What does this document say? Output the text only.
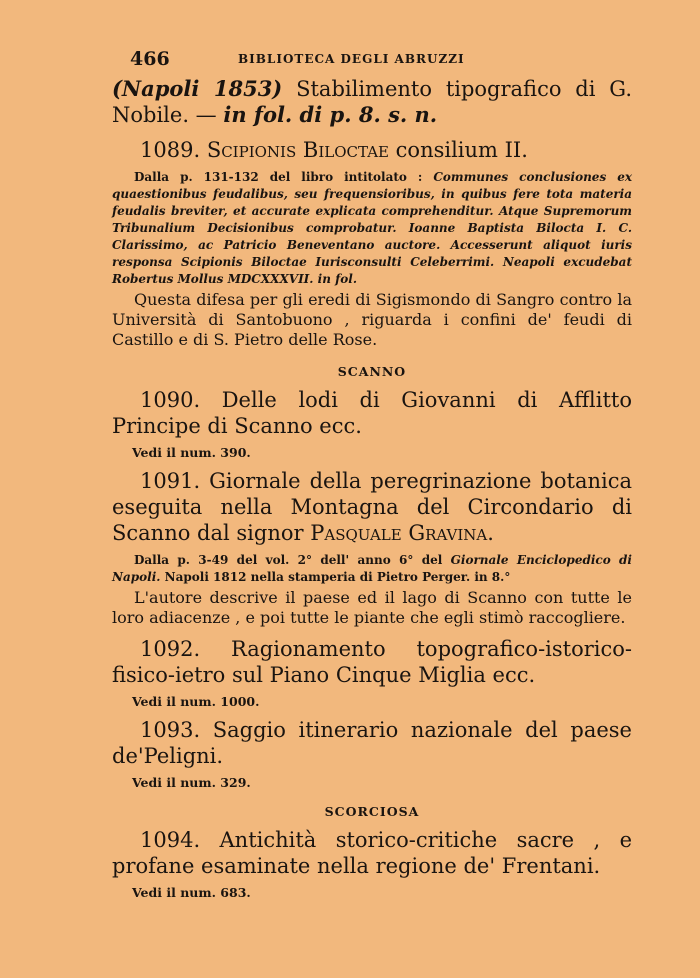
466	BIBLIOTECA DEGLI ABRUZZI

(Napoli 1853) Stabilimento tipografico di G. Nobile. — in fol. di p. 8. s. n.

1089. Scipionis Biloctae consilium II.

Dalla p. 131-132 del libro intitolato : Communes conclusiones ex quaestionibus feudalibus, seu frequensioribus, in quibus fere tota materia feudalis breviter, et accurate explicata comprehenditur. Atque Supremorum Tribunalium Decisionibus comprobatur. Ioanne Baptista Bilocta I. C. Clarissimo, ac Patricio Beneventano auctore. Accesserunt aliquot iuris responsa Scipionis Biloctae Iurisconsulti Celeberrimi. Neapoli excudebat Robertus Mollus MDCXXXVII. in fol.

Questa difesa per gli eredi di Sigismondo di Sangro contro la Università di Santobuono , riguarda i confini de' feudi di Castillo e di S. Pietro delle Rose.

SCANNO

1090. Delle lodi di Giovanni di Afflitto Principe di Scanno ecc.

Vedi il num. 390.

1091. Giornale della peregrinazione botanica eseguita nella Montagna del Circondario di Scanno dal signor Pasquale Gravina.

Dalla p. 3-49 del vol. 2° dell' anno 6° del Giornale Enciclopedico di Napoli. Napoli 1812 nella stamperia di Pietro Perger. in 8.°

L'autore descrive il paese ed il lago di Scanno con tutte le loro adiacenze , e poi tutte le piante che egli stimò raccogliere.

1092. Ragionamento topografico-istorico-fisico-ietro sul Piano Cinque Miglia ecc.

Vedi il num. 1000.

1093. Saggio itinerario nazionale del paese de'Peligni.

Vedi il num. 329.

SCORCIOSA

1094. Antichità storico-critiche sacre , e profane esaminate nella regione de' Frentani.

Vedi il num. 683.
